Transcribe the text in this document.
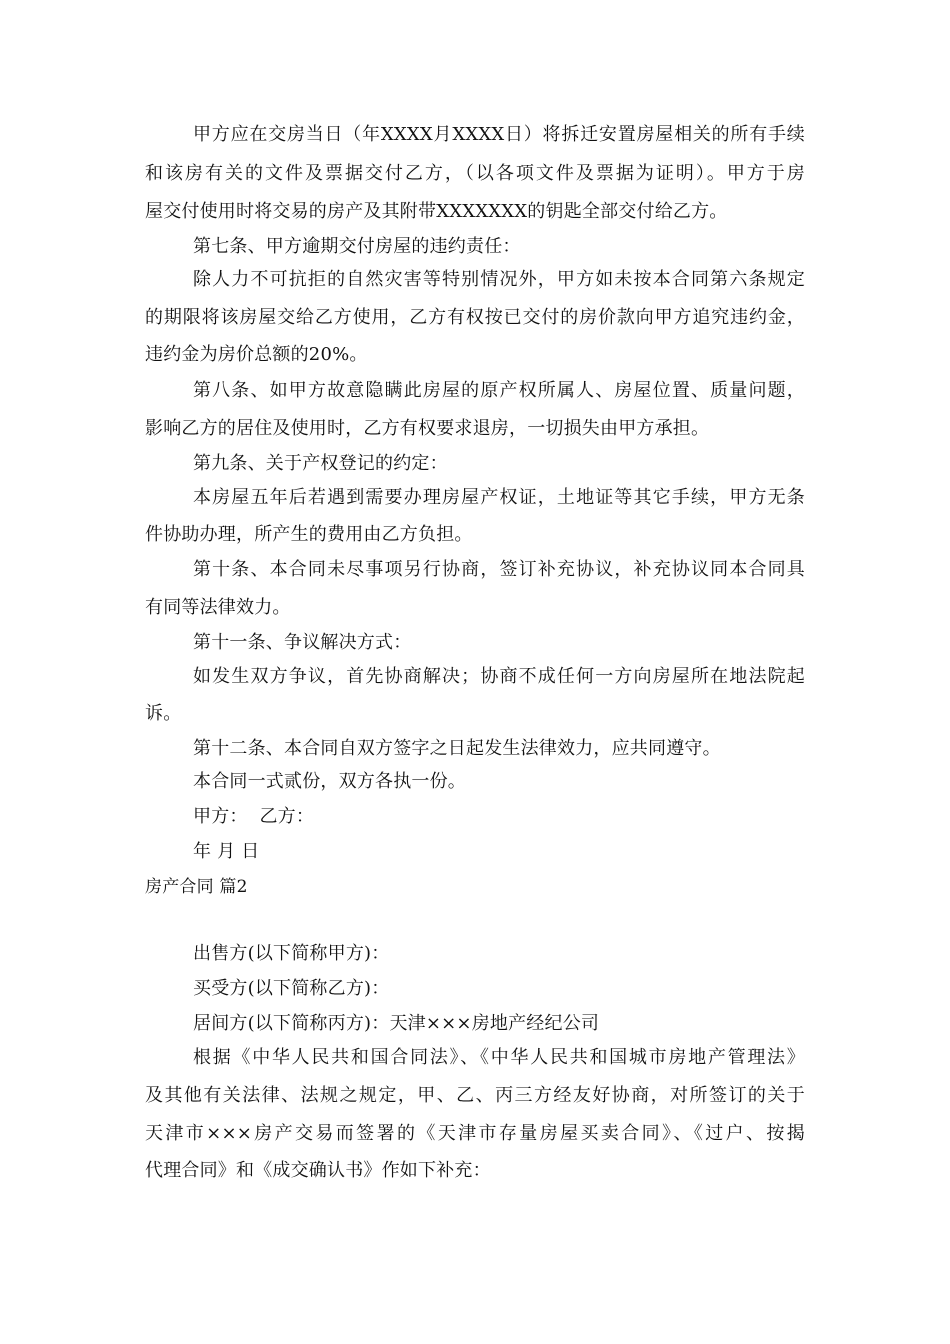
甲方应在交房当日（年XXXX月XXXX日）将拆迁安置房屋相关的所有手续
和该房有关的文件及票据交付乙方，（以各项文件及票据为证明）。甲方于房
屋交付使用时将交易的房产及其附带XXXXXXX的钥匙全部交付给乙方。
第七条、甲方逾期交付房屋的违约责任：
除人力不可抗拒的自然灾害等特别情况外，甲方如未按本合同第六条规定
的期限将该房屋交给乙方使用，乙方有权按已交付的房价款向甲方追究违约金，
违约金为房价总额的20%。
第八条、如甲方故意隐瞒此房屋的原产权所属人、房屋位置、质量问题，
影响乙方的居住及使用时，乙方有权要求退房，一切损失由甲方承担。
第九条、关于产权登记的约定：
本房屋五年后若遇到需要办理房屋产权证，土地证等其它手续，甲方无条
件协助办理，所产生的费用由乙方负担。
第十条、本合同未尽事项另行协商，签订补充协议，补充协议同本合同具
有同等法律效力。
第十一条、争议解决方式：
如发生双方争议，首先协商解决；协商不成任何一方向房屋所在地法院起
诉。
第十二条、本合同自双方签字之日起发生法律效力，应共同遵守。
本合同一式贰份，双方各执一份。
甲方：  乙方：
年 月 日
房产合同 篇2
出售方(以下简称甲方)：
买受方(以下简称乙方)：
居间方(以下简称丙方)：天津×××房地产经纪公司
根据《中华人民共和国合同法》、《中华人民共和国城市房地产管理法》
及其他有关法律、法规之规定，甲、乙、丙三方经友好协商，对所签订的关于
天津市×××房产交易而签署的《天津市存量房屋买卖合同》、《过户、按揭
代理合同》和《成交确认书》作如下补充：
